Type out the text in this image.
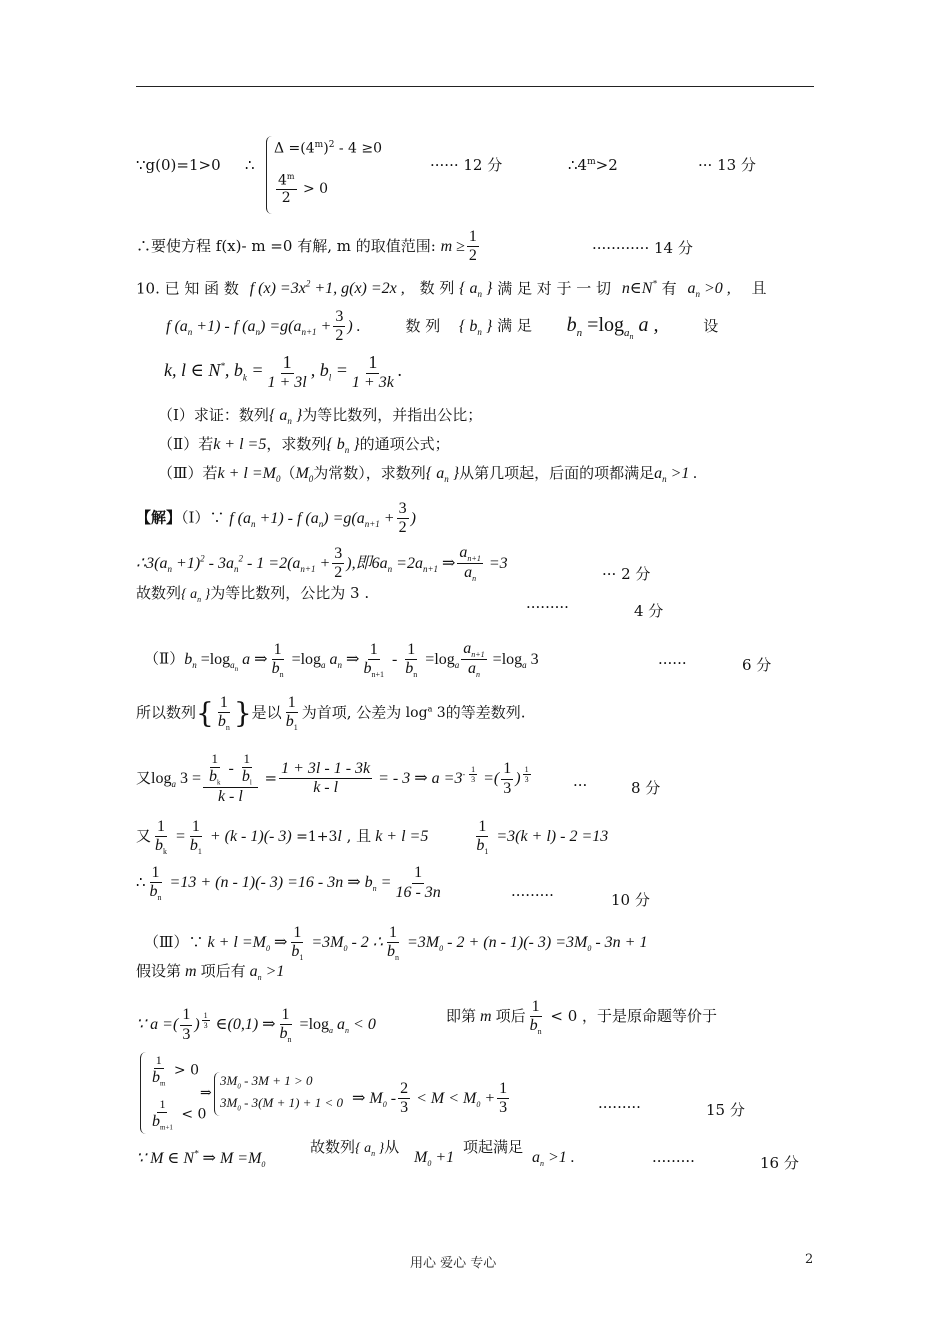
∵g(0)=1>0 ∴
$\Delta =(4^m)^2 - 4 \ge 0$
$\frac{4^m}{2} > 0$
······ 12 分	$\therefore 4^m>2$	··· 13 分
∴要使方程 f(x)- m =0 有解, m 的取值范围: $m \ge \frac{1}{2}$	············ 14 分
10. 已 知 函 数 f $(x) =3x^2 +1$, g(x) =2x , 数 列 { $a_n$ } 满 足 对 于 一 切 n∈N* 有 $a_n >0$ , 且
f $(a_n +1) - f$ $(a_n) =g(a_{n+1} + \frac{3}{2}$ ) .	数 列 { $b_n$ } 满 足 $b_n =\log_{a_n}$ a ,	设
k, l ∈ N*, $b_k = \frac{1}{1 + 3l}$ , $b_l = \frac{1}{1 + 3k}$ .
（Ⅰ）求证：数列{ $a_n$ }为等比数列，并指出公比；
（Ⅱ）若k + l =5，求数列{ $b_n$ }的通项公式；
（Ⅲ）若$k + l =M_0(M_0$为常数），求数列{ $a_n$ }从第几项起，后面的项都满足$a_n >1$ .
【解】（Ⅰ）∵ f $(a_n +1) - f$ $(a_n) =g(a_{n+1} + \frac{3}{2}$ )
$\therefore 3(a_n +1)^2 - 3a_n^2 - 1 =2(a_{n+1} + \frac{3}{2}$ ),即$6a_n =2a_{n+1}$ ⇒ $\frac{a_{n+1}}{a_n} =3$
··· 2 分
故数列{ $a_n$ }为等比数列，公比为 3 .
·········	4 分
$(Ⅱ)b_n =\log_{a_n}$ a ⇒ $\frac{1}{b_n} =\log_a$ $a_n$ ⇒ $\frac{1}{b_{n+1}} - \frac{1}{b_n} =\log_a \frac{a_{n+1}}{a_n} =\log_a$ 3	······	6 分
所以数列{ $\frac{1}{b_n}$ }是以 $\frac{1}{b_1}$ 为首项, 公差为 $\log^a 3$的等差数列.
又$\log_a 3 = \frac{\frac{1}{b_k} - \frac{1}{b_l}}{k - l} = \frac{1 + 3l - 1 - 3k}{k - l}$ = - 3 ⇒ $a =3^{- \frac{1}{3}}$ =( $\frac{1}{3}$ ) $^{\frac{1}{3}}$
···	8 分
又 $\frac{1}{b_k} = \frac{1}{b_1} + (k - 1)(-$ 3) =1+3l , 且 k + l =5	$\frac{1}{b_1} =3(k + l) - 2 =13$
∴ $\frac{1}{b_n} =13 + (n - 1)(-$ 3) =16 - 3n ⇒ $b_n = \frac{1}{16 - 3n}$	·········	10 分
（Ⅲ）∵ $k + l =M_0$ ⇒ $\frac{1}{b_1} =3M_0 - 2$ ∴ $\frac{1}{b_n} =3M_0 - 2 + (n - 1)(-$ $3) =3M_0 - 3n + 1$
假设第 m 项后有 $a_n >1$
∵ a =( $\frac{1}{3}$ ) $^{\frac{1}{3}}$ ∈(0,1) ⇒ $\frac{1}{b_n} =\log_a$ $a_n < 0$	即第 m 项后 $\frac{1}{b_n} < 0$ ，于是原命题等价于
$\frac{1}{b_m} > 0$
$\frac{1}{b_{m+1}} < 0$
⇒
$3M_0 - 3M + 1 > 0$
$3M_0 - 3(M + 1) + 1 < 0$ ⇒ $M_0 - \frac{2}{3} < M < M_0 + \frac{1}{3}$	·········	15 分
∵ M ∈ N* ⇒ $M =M_0$
故数列{ $a_n$ }从
$M_0 +1$
项起满足
$a_n >1$ .	·········	16 分
用心 爱心 专心	2
